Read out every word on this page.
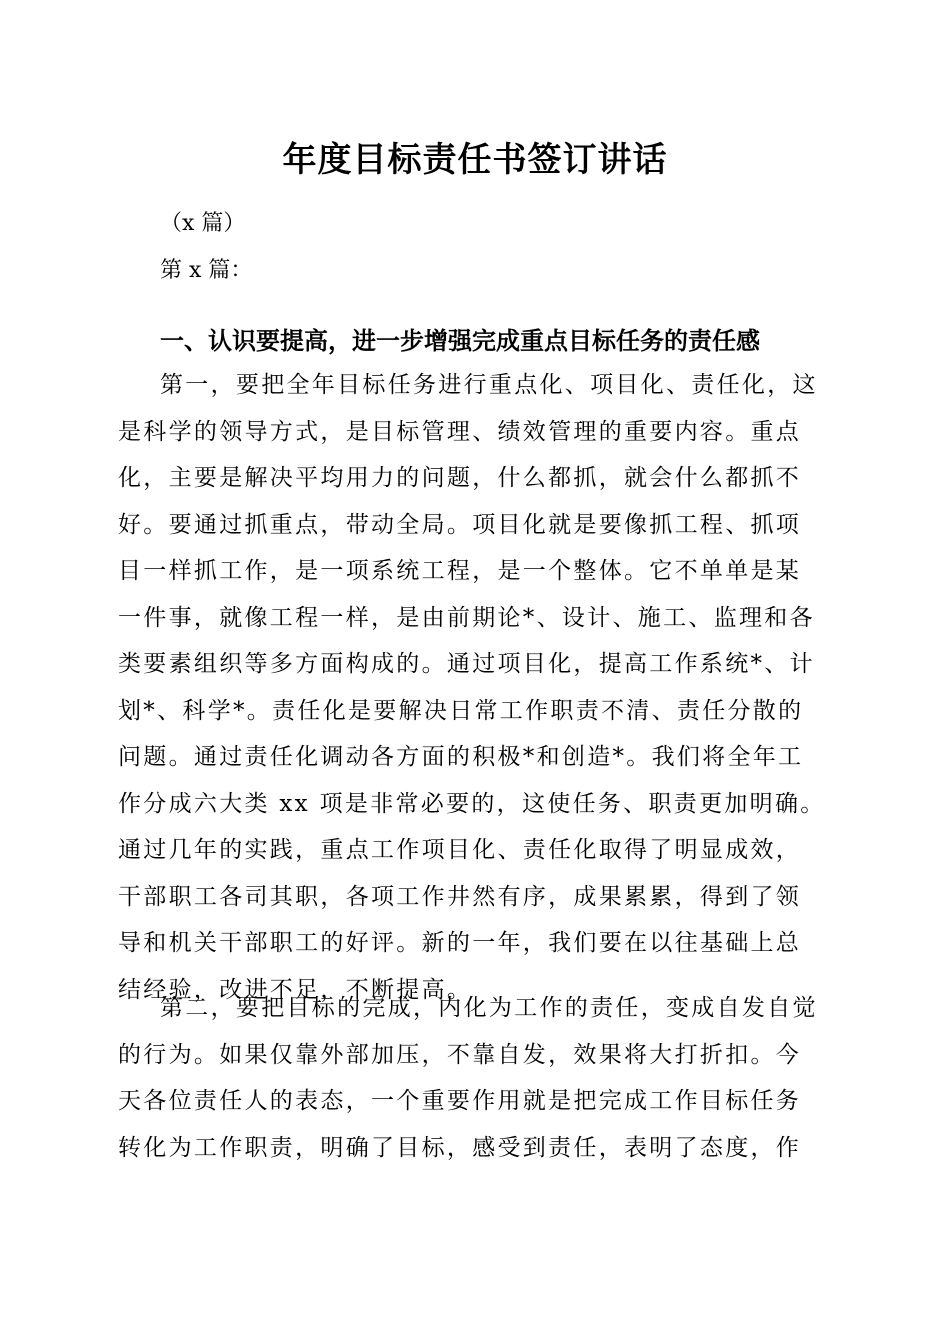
年度目标责任书签订讲话

（x 篇）

第 x 篇：

一、认识要提高，进一步增强完成重点目标任务的责任感
第一，要把全年目标任务进行重点化、项目化、责任化，这
是科学的领导方式，是目标管理、绩效管理的重要内容。重点
化，主要是解决平均用力的问题，什么都抓，就会什么都抓不
好。要通过抓重点，带动全局。项目化就是要像抓工程、抓项
目一样抓工作，是一项系统工程，是一个整体。它不单单是某
一件事，就像工程一样，是由前期论*、设计、施工、监理和各
类要素组织等多方面构成的。通过项目化，提高工作系统*、计
划*、科学*。责任化是要解决日常工作职责不清、责任分散的
问题。通过责任化调动各方面的积极*和创造*。我们将全年工
作分成六大类 xx 项是非常必要的，这使任务、职责更加明确。
通过几年的实践，重点工作项目化、责任化取得了明显成效，
干部职工各司其职，各项工作井然有序，成果累累，得到了领
导和机关干部职工的好评。新的一年，我们要在以往基础上总
结经验，改进不足，不断提高。
第二，要把目标的完成，内化为工作的责任，变成自发自觉
的行为。如果仅靠外部加压，不靠自发，效果将大打折扣。今
天各位责任人的表态，一个重要作用就是把完成工作目标任务
转化为工作职责，明确了目标，感受到责任，表明了态度，作
